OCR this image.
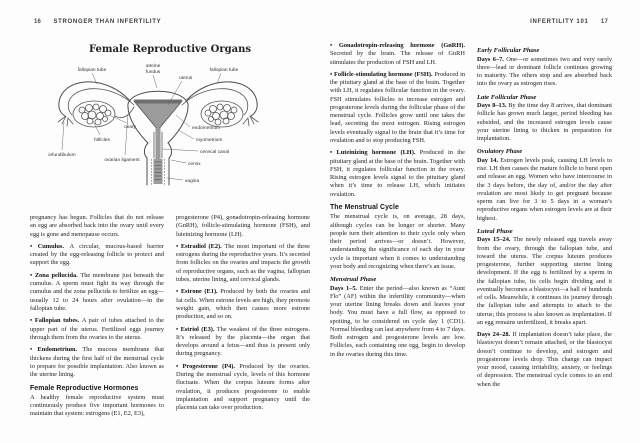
16 STRONGER THAN INFERTILITY
Female Reproductive Organs
fallopian tube
uterine
fundus
uterus
fallopian tube
ovary
follicles
infundibulum
ovarian ligament
endometrium
myometrium
cervical canal
cervix
vagina

pregnancy has begun. Follicles that do not release an egg are absorbed back into the ovary until every egg is gone and menopause occurs.

• Cumulus. A circular, mucous-based barrier created by the egg-releasing follicle to protect and support the egg.

• Zona pellucida. The membrane just beneath the cumulus. A sperm must fight its way through the cumulus and the zona pellucida to fertilize an egg—usually 12 to 24 hours after ovulation—in the fallopian tube.

• Fallopian tubes. A pair of tubes attached to the upper part of the uterus. Fertilized eggs journey through them from the ovaries to the uterus.

• Endometrium. The mucous membrane that thickens during the first half of the menstrual cycle to prepare for possible implantation. Also known as the uterine lining.

Female Reproductive Hormones

A healthy female reproductive system must continuously produce five important hormones to maintain that system: estrogens (E1, E2, E3),

progesterone (P4), gonadotropin-releasing hormone (GnRH), follicle-stimulating hormone (FSH), and luteinizing hormone (LH).

• Estradiol (E2). The most important of the three estrogens during the reproductive years. It’s secreted from follicles on the ovaries and impacts the growth of reproductive organs, such as the vagina, fallopian tubes, uterine lining, and cervical glands.

• Estrone (E1). Produced by both the ovaries and fat cells. When estrone levels are high, they promote weight gain, which then causes more estrone production, and so on.

• Estriol (E3). The weakest of the three estrogens. It’s released by the placenta—the organ that develops around a fetus—and thus is present only during pregnancy.

• Progesterone (P4). Produced by the ovaries. During the menstrual cycle, levels of this hormone fluctuate. When the corpus luteum forms after ovulation, it produces progesterone to enable implantation and support pregnancy until the placenta can take over production.

INFERTILITY 101 17

• Gonadotropin-releasing hormone (GnRH). Secreted by the brain. The release of GnRH stimulates the production of FSH and LH.

• Follicle-stimulating hormone (FSH). Produced in the pituitary gland at the base of the brain. Together with LH, it regulates follicular function in the ovary. FSH stimulates follicles to increase estrogen and progesterone levels during the follicular phase of the menstrual cycle. Follicles grow until one takes the lead, secreting the most estrogen. Rising estrogen levels eventually signal to the brain that it’s time for ovulation and to stop producing FSH.

• Luteinizing hormone (LH). Produced in the pituitary gland at the base of the brain. Together with FSH, it regulates follicular function in the ovary. Rising estrogen levels signal to the pituitary gland when it’s time to release LH, which initiates ovulation.

The Menstrual Cycle

The menstrual cycle is, on average, 28 days, although cycles can be longer or shorter. Many people turn their attention to their cycle only when their period arrives—or doesn’t. However, understanding the significance of each day in your cycle is important when it comes to understanding your body and recognizing when there’s an issue.

Menstrual Phase

Days 1–5. Enter the period—also known as “Aunt Flo” (AF) within the infertility community—when your uterine lining breaks down and leaves your body. You must have a full flow, as opposed to spotting, to be considered on cycle day 1 (CD1). Normal bleeding can last anywhere from 4 to 7 days. Both estrogen and progesterone levels are low. Follicles, each containing one egg, begin to develop in the ovaries during this time.

Early Follicular Phase

Days 6–7. One—or sometimes two and very rarely three—lead or dominant follicle continues growing to maturity. The others stop and are absorbed back into the ovary as estrogen rises.

Late Follicular Phase

Days 8–13. By the time day 8 arrives, that dominant follicle has grown much larger, period bleeding has subsided, and the increased estrogen levels cause your uterine lining to thicken in preparation for implantation.

Ovulatory Phase

Day 14. Estrogen levels peak, causing LH levels to rise. LH then causes the mature follicle to burst open and release an egg. Women who have intercourse in the 3 days before, the day of, and/or the day after ovulation are most likely to get pregnant because sperm can live for 3 to 5 days in a woman’s reproductive organs when estrogen levels are at their highest.

Luteal Phase

Days 15–24. The newly released egg travels away from the ovary, through the fallopian tube, and toward the uterus. The corpus luteum produces progesterone, further supporting uterine lining development. If the egg is fertilized by a sperm in the fallopian tube, its cells begin dividing and it eventually becomes a blastocyst—a ball of hundreds of cells. Meanwhile, it continues its journey through the fallopian tube and attempts to attach to the uterus; this process is also known as implantation. If an egg remains unfertilized, it breaks apart.

Days 24–28. If implantation doesn’t take place, the blastocyst doesn’t remain attached, or the blastocyst doesn’t continue to develop, and estrogen and progesterone levels drop. This change can impact your mood, causing irritability, anxiety, or feelings of depression. The menstrual cycle comes to an end when the
